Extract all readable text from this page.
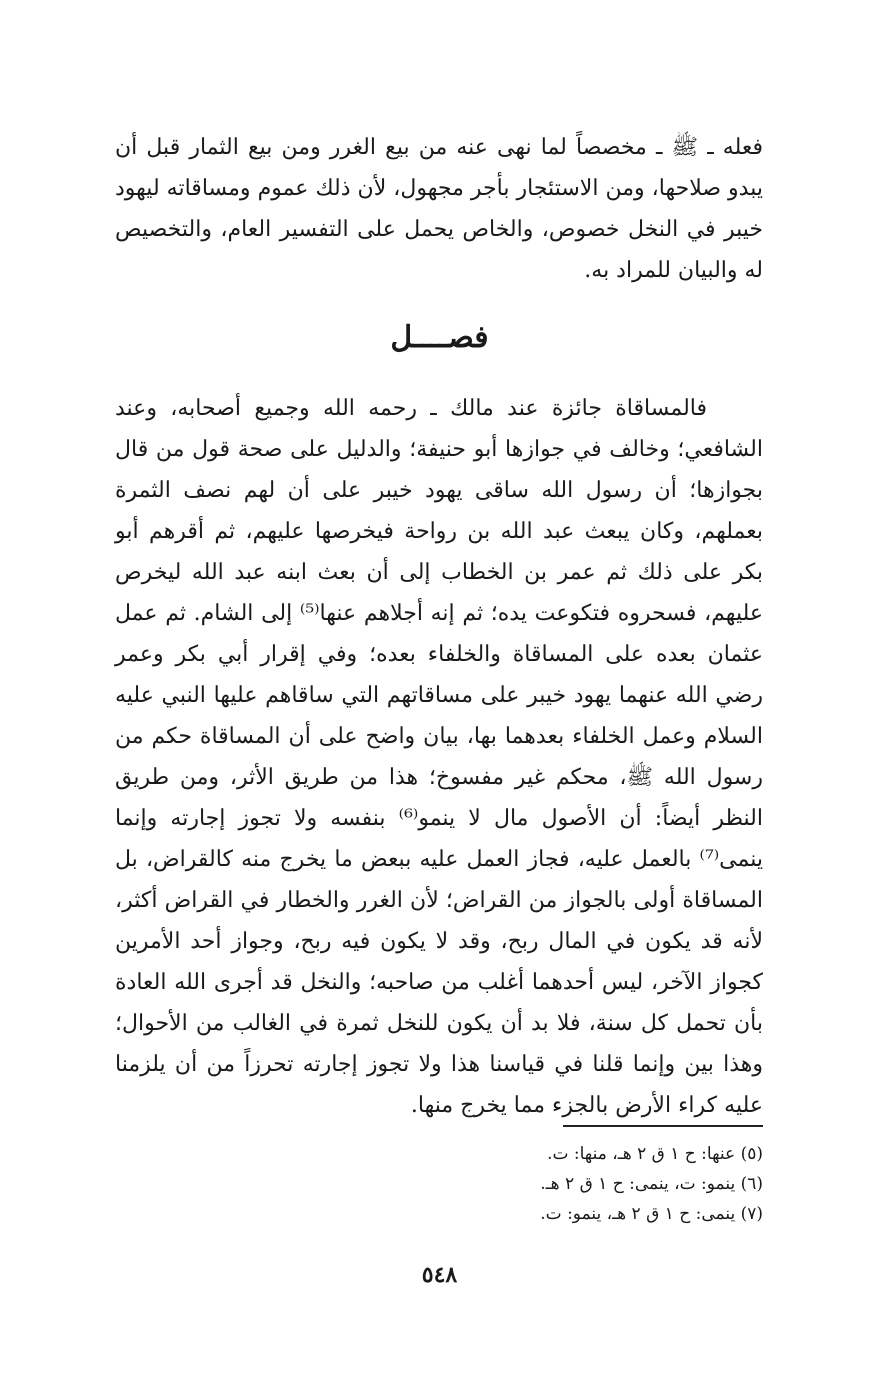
فعله ـ ﷺ ـ مخصصاً لما نهى عنه من بيع الغرر ومن بيع الثمار قبل أن يبدو صلاحها، ومن الاستئجار بأجر مجهول، لأن ذلك عموم ومساقاته ليهود خيبر في النخل خصوص، والخاص يحمل على التفسير العام، والتخصيص له والبيان للمراد به.

فصــــل

فالمساقاة جائزة عند مالك ـ رحمه الله وجميع أصحابه، وعند الشافعي؛ وخالف في جوازها أبو حنيفة؛ والدليل على صحة قول من قال بجوازها؛ أن رسول الله ساقى يهود خيبر على أن لهم نصف الثمرة بعملهم، وكان يبعث عبد الله بن رواحة فيخرصها عليهم، ثم أقرهم أبو بكر على ذلك ثم عمر بن الخطاب إلى أن بعث ابنه عبد الله ليخرص عليهم، فسحروه فتكوعت يده؛ ثم إنه أجلاهم عنها⁽⁵⁾ إلى الشام. ثم عمل عثمان بعده على المساقاة والخلفاء بعده؛ وفي إقرار أبي بكر وعمر رضي الله عنهما يهود خيبر على مساقاتهم التي ساقاهم عليها النبي عليه السلام وعمل الخلفاء بعدهما بها، بيان واضح على أن المساقاة حكم من رسول الله ﷺ، محكم غير مفسوخ؛ هذا من طريق الأثر، ومن طريق النظر أيضاً: أن الأصول مال لا ينمو⁽⁶⁾ بنفسه ولا تجوز إجارته وإنما ينمى⁽⁷⁾ بالعمل عليه، فجاز العمل عليه ببعض ما يخرج منه كالقراض، بل المساقاة أولى بالجواز من القراض؛ لأن الغرر والخطار في القراض أكثر، لأنه قد يكون في المال ربح، وقد لا يكون فيه ربح، وجواز أحد الأمرين كجواز الآخر، ليس أحدهما أغلب من صاحبه؛ والنخل قد أجرى الله العادة بأن تحمل كل سنة، فلا بد أن يكون للنخل ثمرة في الغالب من الأحوال؛ وهذا بين وإنما قلنا في قياسنا هذا ولا تجوز إجارته تحرزاً من أن يلزمنا عليه كراء الأرض بالجزء مما يخرج منها.

(٥) عنها: ح ١ ق ٢ هـ، منها: ت.
(٦) ينمو: ت، ينمى: ح ١ ق ٢ هـ.
(٧) ينمى: ح ١ ق ٢ هـ، ينمو: ت.
٥٤٨
